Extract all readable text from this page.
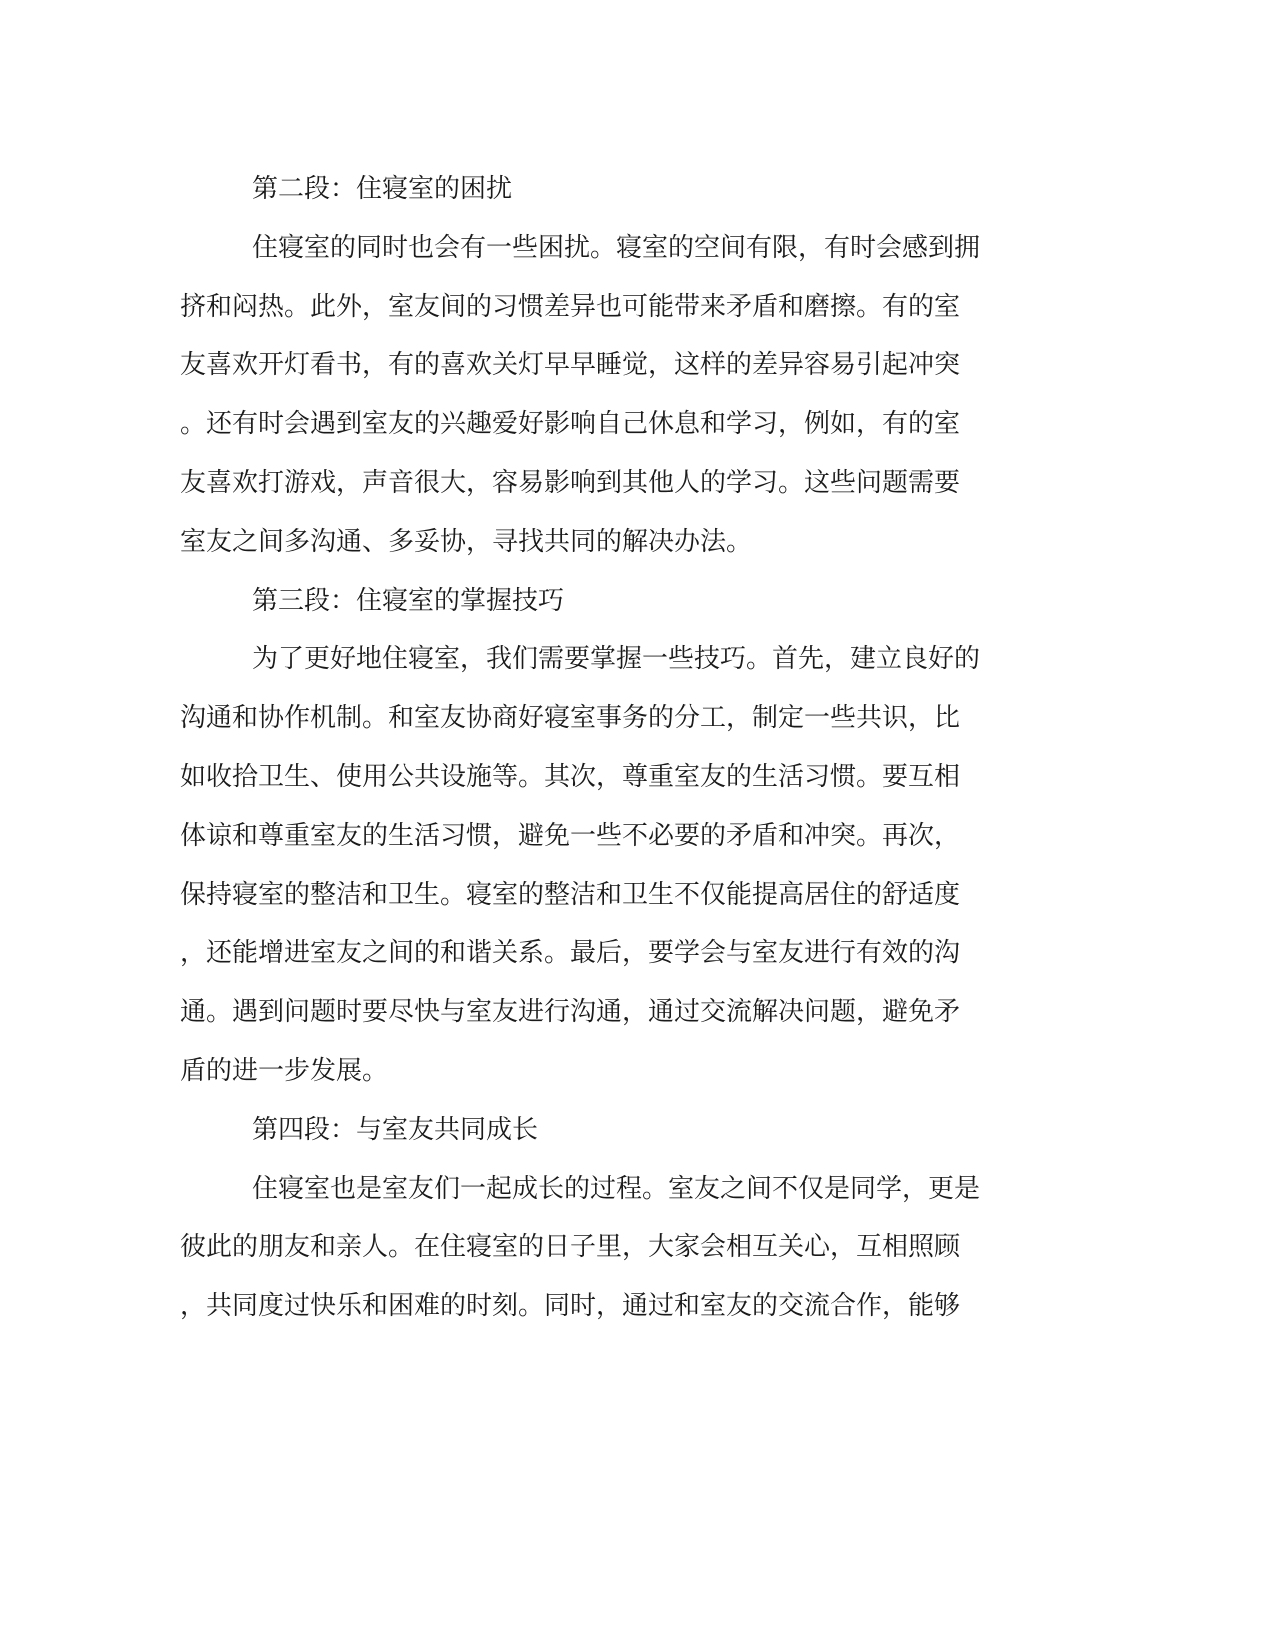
第二段：住寝室的困扰
住寝室的同时也会有一些困扰。寝室的空间有限，有时会感到拥
挤和闷热。此外，室友间的习惯差异也可能带来矛盾和磨擦。有的室
友喜欢开灯看书，有的喜欢关灯早早睡觉，这样的差异容易引起冲突
。还有时会遇到室友的兴趣爱好影响自己休息和学习，例如，有的室
友喜欢打游戏，声音很大，容易影响到其他人的学习。这些问题需要
室友之间多沟通、多妥协，寻找共同的解决办法。
第三段：住寝室的掌握技巧
为了更好地住寝室，我们需要掌握一些技巧。首先，建立良好的
沟通和协作机制。和室友协商好寝室事务的分工，制定一些共识，比
如收拾卫生、使用公共设施等。其次，尊重室友的生活习惯。要互相
体谅和尊重室友的生活习惯，避免一些不必要的矛盾和冲突。再次，
保持寝室的整洁和卫生。寝室的整洁和卫生不仅能提高居住的舒适度
，还能增进室友之间的和谐关系。最后，要学会与室友进行有效的沟
通。遇到问题时要尽快与室友进行沟通，通过交流解决问题，避免矛
盾的进一步发展。
第四段：与室友共同成长
住寝室也是室友们一起成长的过程。室友之间不仅是同学，更是
彼此的朋友和亲人。在住寝室的日子里，大家会相互关心，互相照顾
，共同度过快乐和困难的时刻。同时，通过和室友的交流合作，能够
